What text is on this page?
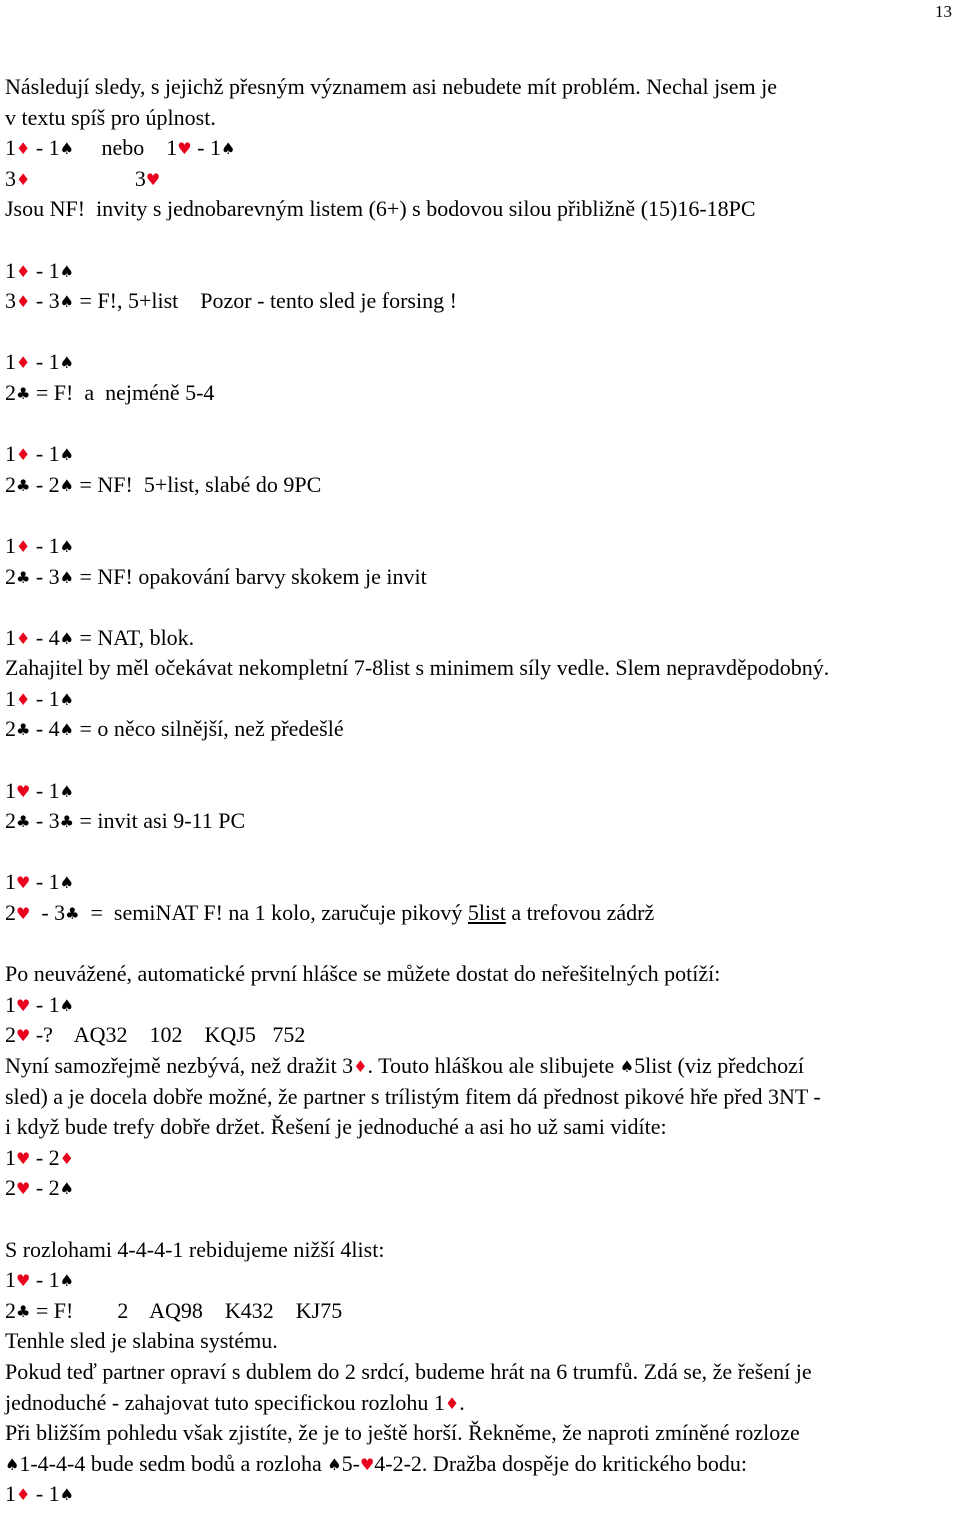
13
Následují sledy, s jejichž přesným významem asi nebudete mít problém. Nechal jsem je
v textu spíš pro úplnost.
1♦ - 1♠     nebo    1♥ - 1♠
3♦                   3♥
Jsou NF!  invity s jednobarevným listem (6+) s bodovou silou přibližně (15)16-18PC
1♦ - 1♠
3♦ - 3♠ = F!, 5+list    Pozor - tento sled je forsing !
1♦ - 1♠
2♣ = F!  a  nejméně 5-4
1♦ - 1♠
2♣ - 2♠ = NF!  5+list, slabé do 9PC
1♦ - 1♠
2♣ - 3♠ = NF! opakování barvy skokem je invit
1♦ - 4♠ = NAT, blok.
Zahajitel by měl očekávat nekompletní 7-8list s minimem síly vedle. Slem nepravděpodobný.
1♦ - 1♠
2♣ - 4♠ = o něco silnější, než předešlé
1♥ - 1♠
2♣ - 3♣ = invit asi 9-11 PC
1♥ - 1♠
2♥  - 3♣  =  semiNAT F! na 1 kolo, zaručuje pikový 5list a trefovou zádrž
Po neuvážené, automatické první hlášce se můžete dostat do neřešitelných potíží:
1♥ - 1♠
2♥ -?    AQ32    102    KQJ5   752
Nyní samozřejmě nezbývá, než dražit 3♦. Touto hláškou ale slibujete ♠5list (viz předchozí
sled) a je docela dobře možné, že partner s trílistým fitem dá přednost pikové hře před 3NT -
i když bude trefy dobře držet. Řešení je jednoduché a asi ho už sami vidíte:
1♥ - 2♦
2♥ - 2♠
S rozlohami 4-4-4-1 rebidujeme nižší 4list:
1♥ - 1♠
2♣ = F!        2    AQ98    K432    KJ75
Tenhle sled je slabina systému.
Pokud teď partner opraví s dublem do 2 srdcí, budeme hrát na 6 trumfů. Zdá se, že řešení je
jednoduché - zahajovat tuto specifickou rozlohu 1♦.
Při bližším pohledu však zjistíte, že je to ještě horší. Řekněme, že naproti zmíněné rozloze
♠1-4-4-4 bude sedm bodů a rozloha ♠5-♥4-2-2. Dražba dospěje do kritického bodu:
1♦ - 1♠
